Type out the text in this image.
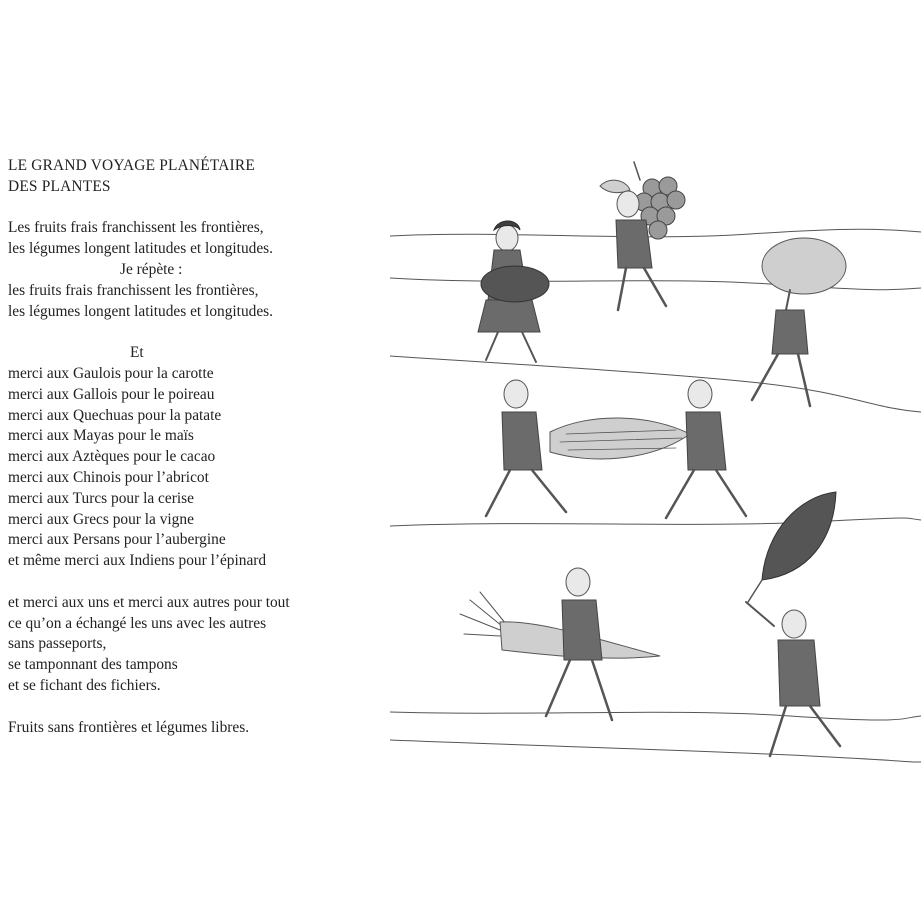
LE GRAND VOYAGE PLANÉTAIRE
DES PLANTES
Les fruits frais franchissent les frontières,
les légumes longent latitudes et longitudes.
Je répète :
les fruits frais franchissent les frontières,
les légumes longent latitudes et longitudes.
Et
merci aux Gaulois pour la carotte
merci aux Gallois pour le poireau
merci aux Quechuas pour la patate
merci aux Mayas pour le maïs
merci aux Aztèques pour le cacao
merci aux Chinois pour l’abricot
merci aux Turcs pour la cerise
merci aux Grecs pour la vigne
merci aux Persans pour l’aubergine
et même merci aux Indiens pour l’épinard
et merci aux uns et merci aux autres pour tout
ce qu’on a échangé les uns avec les autres
sans passeports,
se tamponnant des tampons
et se fichant des fichiers.
Fruits sans frontières et légumes libres.
